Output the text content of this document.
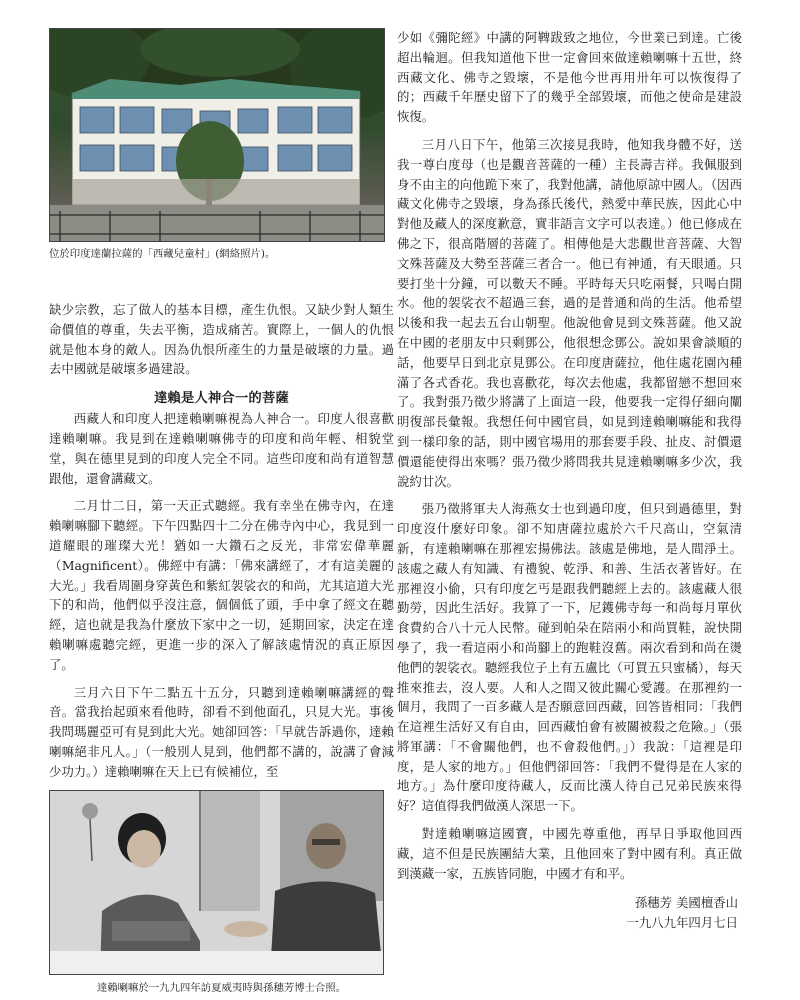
位於印度達蘭拉薩的「西藏兒童村」(網絡照片)。

缺少宗教，忘了做人的基本目標，產生仇恨。又缺少對人類生命價值的尊重，失去平衡，造成痛苦。實際上，一個人的仇恨就是他本身的敵人。因為仇恨所產生的力量是破壞的力量。過去中國就是破壞多過建設。

達賴是人神合一的菩薩

西藏人和印度人把達賴喇嘛視為人神合一。印度人很喜歡達賴喇嘛。我見到在達賴喇嘛佛寺的印度和尚年輕、相貌堂堂，與在德里見到的印度人完全不同。這些印度和尚有道智慧跟他，還會講藏文。

二月廿二日，第一天正式聽經。我有幸坐在佛寺內，在達賴喇嘛腳下聽經。下午四點四十二分在佛寺內中心，我見到一道耀眼的璀璨大光！猶如一大鑽石之反光，非常宏偉華麗（Magnificent）。佛經中有講：「佛來講經了，才有這美麗的大光。」我看周圍身穿黃色和紫紅袈裟衣的和尚，尤其這道大光下的和尚，他們似乎沒注意，個個低了頭，手中拿了經文在聽經，這也就是我為什麼放下家中之一切，延期回家，決定在達賴喇嘛處聽完經，更進一步的深入了解該處情況的真正原因了。

三月六日下午二點五十五分，只聽到達賴喇嘛講經的聲音。當我抬起頭來看他時，卻看不到他面孔，只見大光。事後我問瑪麗亞可有見到此大光。她卻回答：「早就告訴過你，達賴喇嘛絕非凡人。」（一般別人見到，他們都不講的，說講了會減少功力。）達賴喇嘛在天上已有候補位，至

達賴喇嘛於一九九四年訪夏威夷時與孫穗芳博士合照。

少如《彌陀經》中講的阿鞞跋致之地位，今世業已到達。亡後超出輪迴。但我知道他下世一定會回來做達賴喇嘛十五世，終西藏文化、佛寺之毀壞，不是他今世再用卅年可以恢復得了的；西藏千年歷史留下了的幾乎全部毀壞，而他之使命是建設恢復。

三月八日下午，他第三次接見我時，他知我身體不好，送我一尊白度母（也是觀音菩薩的一種）主長壽吉祥。我佩服到身不由主的向他跪下來了，我對他講，請他原諒中國人。（因西藏文化佛寺之毀壞，身為孫氏後代，熱愛中華民族，因此心中對他及藏人的深度歉意，實非語言文字可以表達。）他已修成在佛之下，很高階層的菩薩了。相傳他是大悲觀世音菩薩、大智文殊菩薩及大勢至菩薩三者合一。他已有神通，有天眼通。只要打坐十分鐘，可以數天不睡。平時每天只吃兩餐，只喝白開水。他的袈裟衣不超過三套，過的是普通和尚的生活。他希望以後和我一起去五台山朝聖。他說他會見到文殊菩薩。他又說在中國的老朋友中只剩鄧公，他很想念鄧公。說如果會談順的話，他要早日到北京見鄧公。在印度唐薩拉，他住處花園內種滿了各式香花。我也喜歡花，每次去他處，我都留戀不想回來了。我對張乃徵少將講了上面這一段，他要我一定得仔細向闡明復部長彙報。我想任何中國官員，如見到達賴喇嘛能和我得到一樣印象的話，則中國官場用的那套要手段、扯皮、討價還價還能使得出來嗎？張乃徵少將問我共見達賴喇嘛多少次，我說約廿次。

張乃徵將軍夫人海燕女士也到過印度，但只到過德里，對印度沒什麼好印象。卻不知唐薩拉處於六千尺高山，空氣清新，有達賴喇嘛在那裡宏揚佛法。該處是佛地，是人間淨土。該處之藏人有知識、有禮貌、乾淨、和善、生活衣著皆好。在那裡沒小偷，只有印度乞丐是跟我們聽經上去的。該處藏人很勤勞，因此生活好。我算了一下，尼鑊佛寺每一和尚每月單伙食費約合八十元人民幣。碰到帕朵在陪兩小和尚買鞋，說快開學了，我一看這兩小和尚腳上的跑鞋沒舊。兩次看到和尚在燙他們的袈裟衣。聽經我位子上有五盧比（可買五只蜜橘），每天推來推去，沒人要。人和人之間又彼此關心愛護。在那裡約一個月，我問了一百多藏人是否願意回西藏，回答皆相同：「我們在這裡生活好又有自由，回西藏怕會有被關被殺之危險。」（張將軍講：「不會關他們，也不會殺他們。」）我說：「這裡是印度，是人家的地方。」但他們卻回答：「我們不覺得是在人家的地方。」為什麼印度待藏人，反而比漢人待自己兄弟民族來得好？這值得我們做漢人深思一下。

對達賴喇嘛這國寶，中國先尊重他，再早日爭取他回西藏，這不但是民族團結大業，且他回來了對中國有利。真正做到漢藏一家，五族皆同胞，中國才有和平。

孫穗芳 美國檀香山
一九八九年四月七日
